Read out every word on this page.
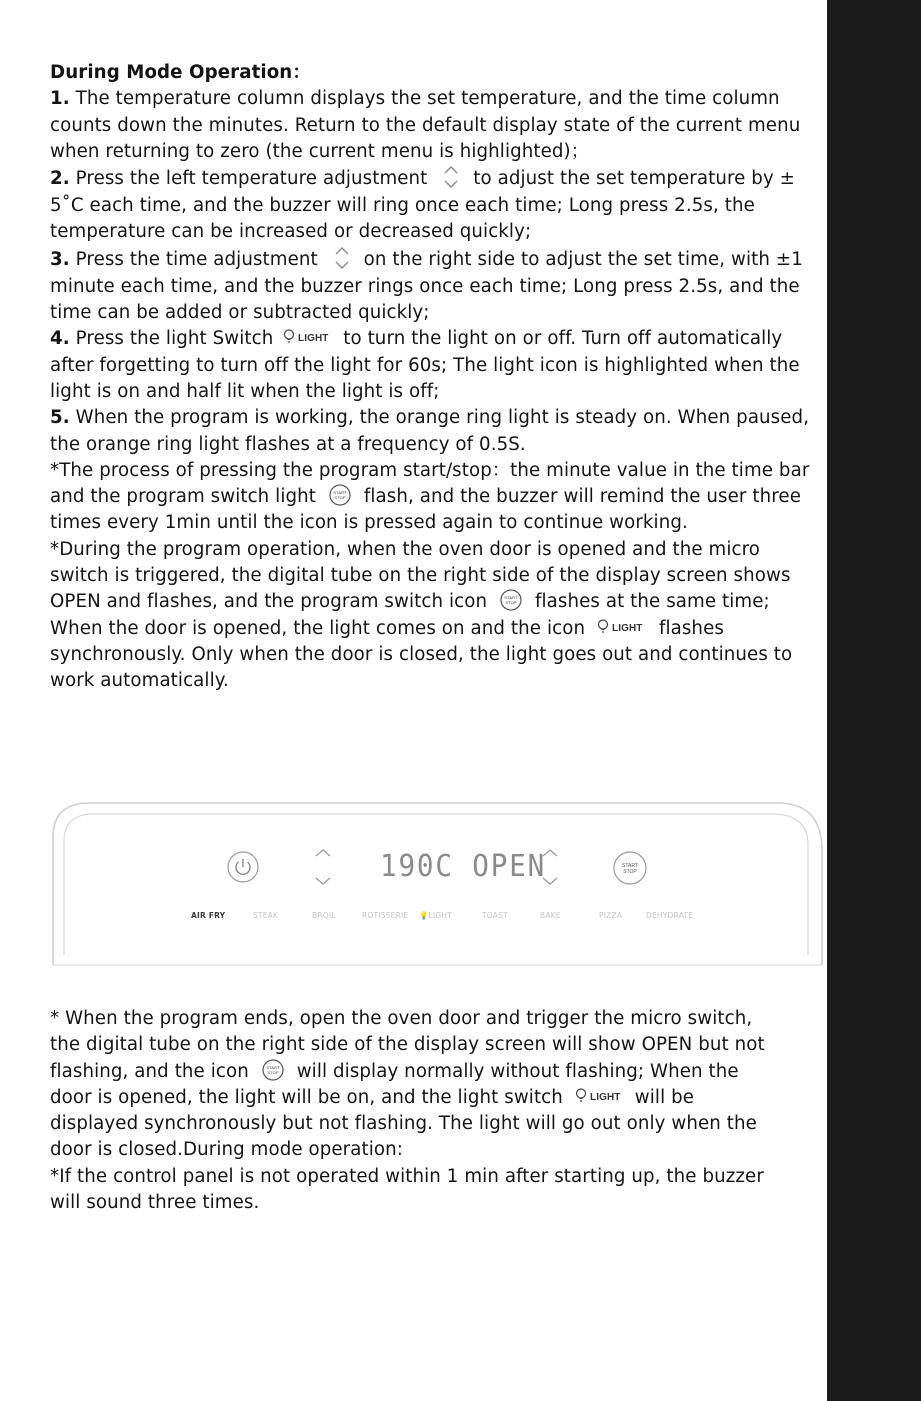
During Mode Operation：

1. The temperature column displays the set temperature, and the time column counts down the minutes. Return to the default display state of the current menu when returning to zero (the current menu is highlighted)；

2. Press the left temperature adjustment
to adjust the set temperature by ± 5˚C each time, and the buzzer will ring once each time; Long press 2.5s, the temperature can be increased or decreased quickly;

3. Press the time adjustment
on the right side to adjust the set time, with ±1 minute each time, and the buzzer rings once each time; Long press 2.5s, and the time can be added or subtracted quickly;

4. Press the light Switch	LIGHT to turn the light on or off. Turn off automatically after forgetting to turn off the light for 60s; The light icon is highlighted when the light is on and half lit when the light is off;

5. When the program is working, the orange ring light is steady on. When paused, the orange ring light flashes at a frequency of 0.5S.

*The process of pressing the program start/stop：the minute value in the time bar and the program switch light	START
STOP flash, and the buzzer will remind the user three times every 1min until the icon is pressed again to continue working.

*During the program operation, when the oven door is opened and the micro switch is triggered, the digital tube on the right side of the display screen shows OPEN and flashes, and the program switch icon	START
STOP flashes at the same time;

When the door is opened, the light comes on and the icon	LIGHT flashes synchronously. Only when the door is closed, the light goes out and continues to work automatically.

190C OPEN	START
STOP
AIR FRY	STEAK	BROIL	ROTISSERIE 💡LIGHT	TOAST	BAKE	PIZZA	DEHYDRATE

* When the program ends, open the oven door and trigger the micro switch, the digital tube on the right side of the display screen will show OPEN but not flashing, and the icon	START
STOP will display normally without flashing; When the door is opened, the light will be on, and the light switch	LIGHT will be displayed synchronously but not flashing. The light will go out only when the door is closed.During mode operation:

*If the control panel is not operated within 1 min after starting up, the buzzer will sound three times.
